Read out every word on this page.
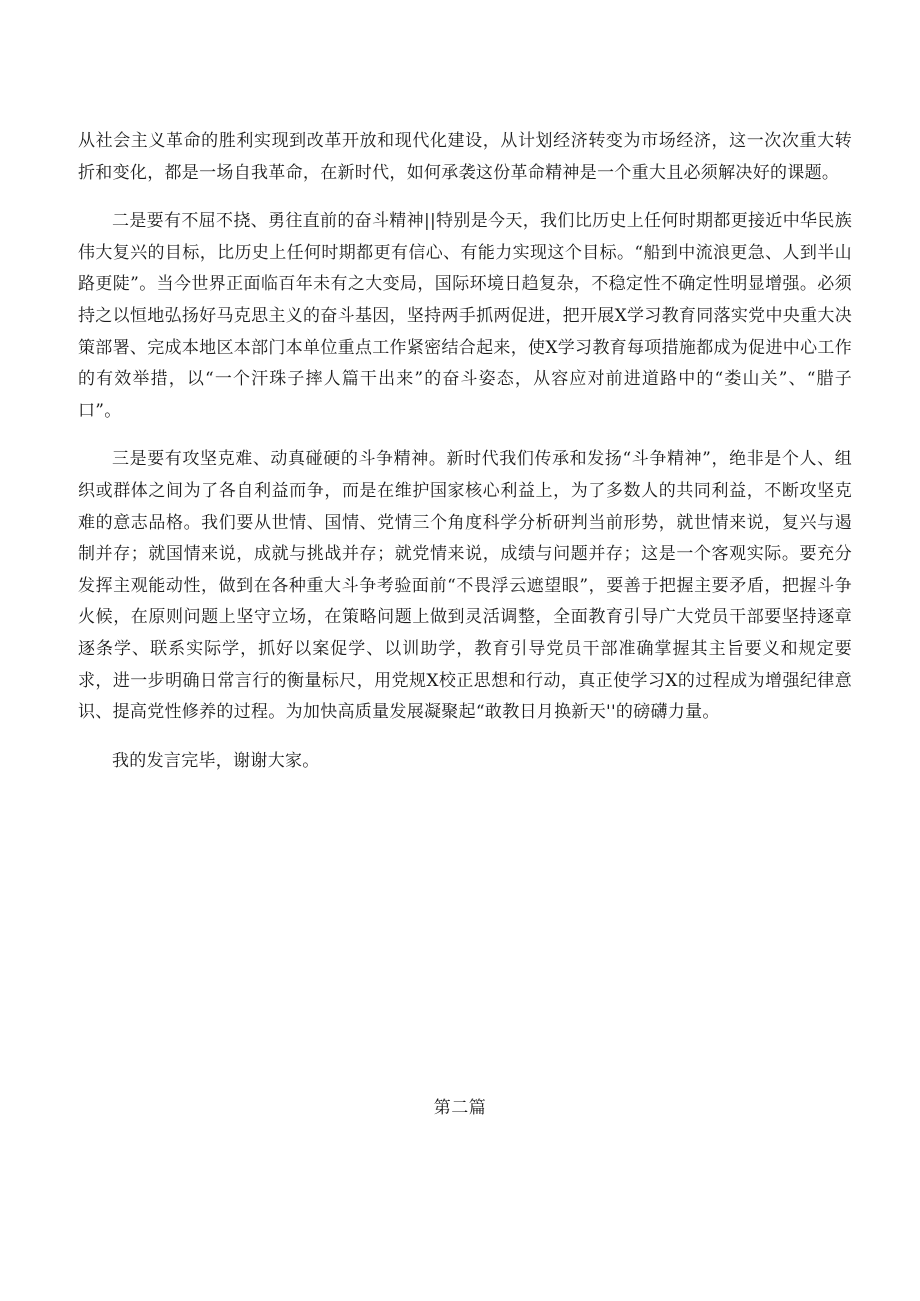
从社会主义革命的胜利实现到改革开放和现代化建设，从计划经济转变为市场经济，这一次次重大转折和变化，都是一场自我革命，在新时代，如何承袭这份革命精神是一个重大且必须解决好的课题。

二是要有不屈不挠、勇往直前的奋斗精神||特别是今天，我们比历史上任何时期都更接近中华民族伟大复兴的目标，比历史上任何时期都更有信心、有能力实现这个目标。“船到中流浪更急、人到半山路更陡”。当今世界正面临百年未有之大变局，国际环境日趋复杂，不稳定性不确定性明显增强。必须持之以恒地弘扬好马克思主义的奋斗基因，坚持两手抓两促进，把开展X学习教育同落实党中央重大决策部署、完成本地区本部门本单位重点工作紧密结合起来，使X学习教育每项措施都成为促进中心工作的有效举措，以“一个汗珠子摔人篇干出来”的奋斗姿态，从容应对前进道路中的“娄山关”、“腊子口”。

三是要有攻坚克难、动真碰硬的斗争精神。新时代我们传承和发扬“斗争精神”，绝非是个人、组织或群体之间为了各自利益而争，而是在维护国家核心利益上，为了多数人的共同利益，不断攻坚克难的意志品格。我们要从世情、国情、党情三个角度科学分析研判当前形势，就世情来说，复兴与遏制并存；就国情来说，成就与挑战并存；就党情来说，成绩与问题并存；这是一个客观实际。要充分发挥主观能动性，做到在各种重大斗争考验面前“不畏浮云遮望眼”，要善于把握主要矛盾，把握斗争火候，在原则问题上坚守立场，在策略问题上做到灵活调整，全面教育引导广大党员干部要坚持逐章逐条学、联系实际学，抓好以案促学、以训助学，教育引导党员干部准确掌握其主旨要义和规定要求，进一步明确日常言行的衡量标尺，用党规X校正思想和行动，真正使学习X的过程成为增强纪律意识、提高党性修养的过程。为加快高质量发展凝聚起“敢教日月换新天''的磅礴力量。

我的发言完毕，谢谢大家。

第二篇
